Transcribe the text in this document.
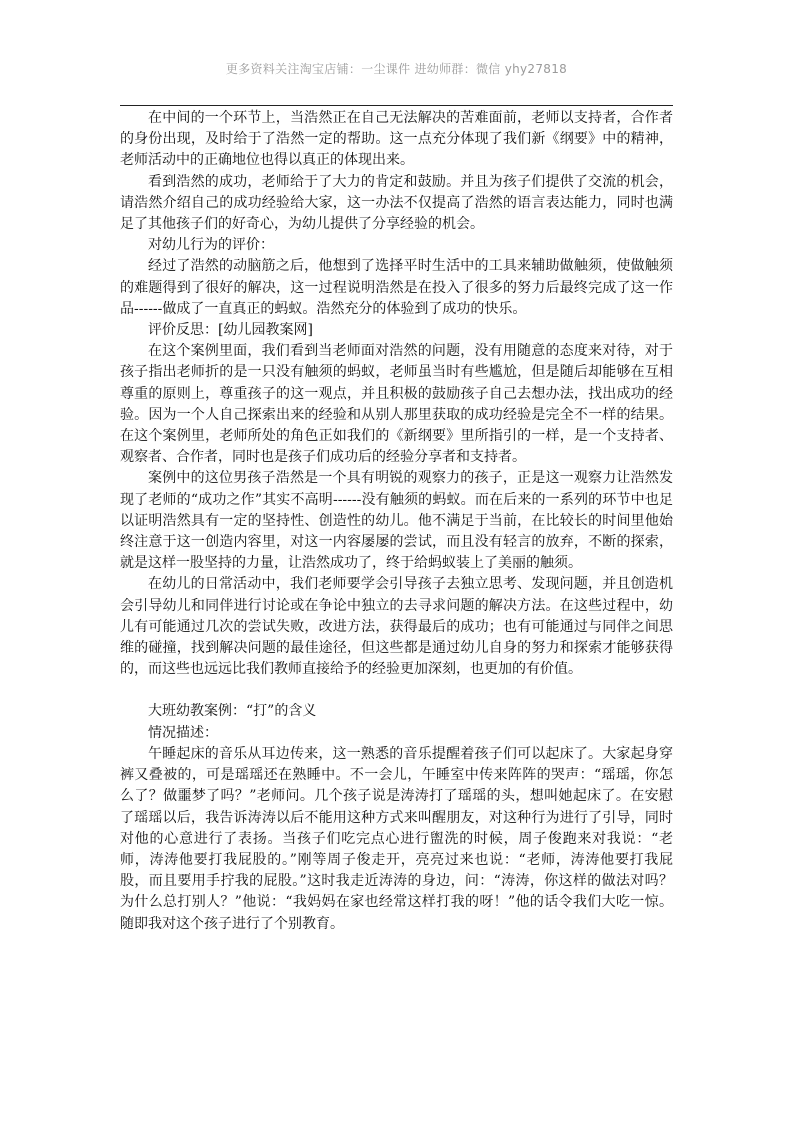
更多资料关注淘宝店铺：一尘课件 进幼师群：微信 yhy27818

在中间的一个环节上，当浩然正在自己无法解决的苦难面前，老师以支持者，合作者的身份出现，及时给于了浩然一定的帮助。这一点充分体现了我们新《纲要》中的精神，老师活动中的正确地位也得以真正的体现出来。

看到浩然的成功，老师给于了大力的肯定和鼓励。并且为孩子们提供了交流的机会，请浩然介绍自己的成功经验给大家，这一办法不仅提高了浩然的语言表达能力，同时也满足了其他孩子们的好奇心，为幼儿提供了分享经验的机会。

对幼儿行为的评价：

经过了浩然的动脑筋之后，他想到了选择平时生活中的工具来辅助做触须，使做触须的难题得到了很好的解决，这一过程说明浩然是在投入了很多的努力后最终完成了这一作品------做成了一直真正的蚂蚁。浩然充分的体验到了成功的快乐。

评价反思：[幼儿园教案网]

在这个案例里面，我们看到当老师面对浩然的问题，没有用随意的态度来对待，对于孩子指出老师折的是一只没有触须的蚂蚁，老师虽当时有些尴尬，但是随后却能够在互相尊重的原则上，尊重孩子的这一观点，并且积极的鼓励孩子自己去想办法，找出成功的经验。因为一个人自己探索出来的经验和从别人那里获取的成功经验是完全不一样的结果。在这个案例里，老师所处的角色正如我们的《新纲要》里所指引的一样，是一个支持者、观察者、合作者，同时也是孩子们成功后的经验分享者和支持者。

案例中的这位男孩子浩然是一个具有明锐的观察力的孩子，正是这一观察力让浩然发现了老师的“成功之作”其实不高明------没有触须的蚂蚁。而在后来的一系列的环节中也足以证明浩然具有一定的坚持性、创造性的幼儿。他不满足于当前，在比较长的时间里他始终注意于这一创造内容里，对这一内容屡屡的尝试，而且没有轻言的放弃，不断的探索，就是这样一股坚持的力量，让浩然成功了，终于给蚂蚁装上了美丽的触须。

在幼儿的日常活动中，我们老师要学会引导孩子去独立思考、发现问题，并且创造机会引导幼儿和同伴进行讨论或在争论中独立的去寻求问题的解决方法。在这些过程中，幼儿有可能通过几次的尝试失败，改进方法，获得最后的成功；也有可能通过与同伴之间思维的碰撞，找到解决问题的最佳途径，但这些都是通过幼儿自身的努力和探索才能够获得的，而这些也远远比我们教师直接给予的经验更加深刻，也更加的有价值。

大班幼教案例：“打”的含义

情况描述：

午睡起床的音乐从耳边传来，这一熟悉的音乐提醒着孩子们可以起床了。大家起身穿裤又叠被的，可是瑶瑶还在熟睡中。不一会儿，午睡室中传来阵阵的哭声：“瑶瑶，你怎么了？做噩梦了吗？”老师问。几个孩子说是涛涛打了瑶瑶的头，想叫她起床了。在安慰了瑶瑶以后，我告诉涛涛以后不能用这种方式来叫醒朋友，对这种行为进行了引导，同时对他的心意进行了表扬。当孩子们吃完点心进行盥洗的时候，周子俊跑来对我说：“老师，涛涛他要打我屁股的。”刚等周子俊走开，亮亮过来也说：“老师，涛涛他要打我屁股，而且要用手拧我的屁股。”这时我走近涛涛的身边，问：“涛涛，你这样的做法对吗？为什么总打别人？”他说：“我妈妈在家也经常这样打我的呀！”他的话令我们大吃一惊。随即我对这个孩子进行了个别教育。
